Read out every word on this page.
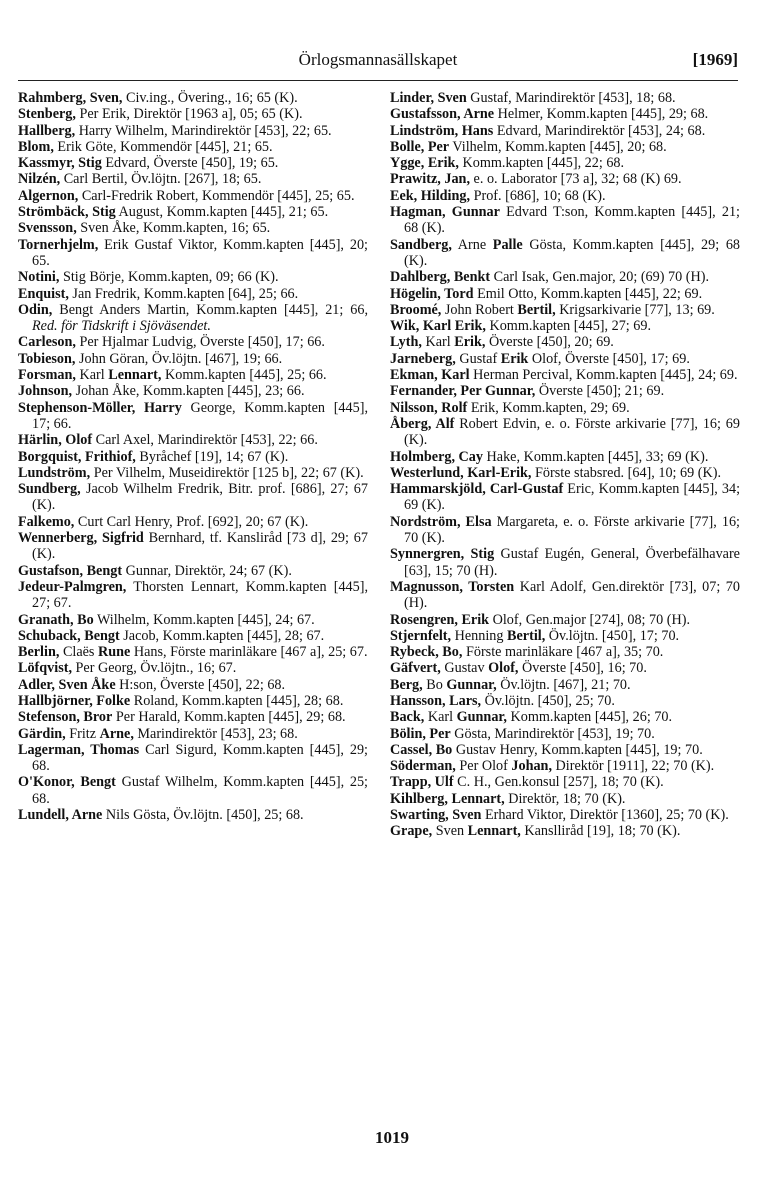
Örlogsmannasällskapet	[1969]

Rahmberg, Sven, Civ.ing., Övering., 16; 65 (K).

Stenberg, Per Erik, Direktör [1963 a], 05; 65 (K).

Hallberg, Harry Wilhelm, Marindirektör [453], 22; 65.

Blom, Erik Göte, Kommendör [445], 21; 65.

Kassmyr, Stig Edvard, Överste [450], 19; 65.

Nilzén, Carl Bertil, Öv.löjtn. [267], 18; 65.

Algernon, Carl-Fredrik Robert, Kommendör [445], 25; 65.

Strömbäck, Stig August, Komm.kapten [445], 21; 65.

Svensson, Sven Åke, Komm.kapten, 16; 65.

Tornerhjelm, Erik Gustaf Viktor, Komm.kapten [445], 20; 65.

Notini, Stig Börje, Komm.kapten, 09; 66 (K).

Enquist, Jan Fredrik, Komm.kapten [64], 25; 66.

Odin, Bengt Anders Martin, Komm.kapten [445], 21; 66, Red. för Tidskrift i Sjöväsendet.

Carleson, Per Hjalmar Ludvig, Överste [450], 17; 66.

Tobieson, John Göran, Öv.löjtn. [467], 19; 66.

Forsman, Karl Lennart, Komm.kapten [445], 25; 66.

Johnson, Johan Åke, Komm.kapten [445], 23; 66.

Stephenson-Möller, Harry George, Komm.kapten [445], 17; 66.

Härlin, Olof Carl Axel, Marindirektör [453], 22; 66.

Borgquist, Frithiof, Byråchef [19], 14; 67 (K).

Lundström, Per Vilhelm, Museidirektör [125 b], 22; 67 (K).

Sundberg, Jacob Wilhelm Fredrik, Bitr. prof. [686], 27; 67 (K).

Falkemo, Curt Carl Henry, Prof. [692], 20; 67 (K).

Wennerberg, Sigfrid Bernhard, tf. Kansliråd [73 d], 29; 67 (K).

Gustafson, Bengt Gunnar, Direktör, 24; 67 (K).

Jedeur-Palmgren, Thorsten Lennart, Komm.kapten [445], 27; 67.

Granath, Bo Wilhelm, Komm.kapten [445], 24; 67.

Schuback, Bengt Jacob, Komm.kapten [445], 28; 67.

Berlin, Claës Rune Hans, Förste marinläkare [467 a], 25; 67.

Löfqvist, Per Georg, Öv.löjtn., 16; 67.

Adler, Sven Åke H:son, Överste [450], 22; 68.

Hallbjörner, Folke Roland, Komm.kapten [445], 28; 68.

Stefenson, Bror Per Harald, Komm.kapten [445], 29; 68.

Gärdin, Fritz Arne, Marindirektör [453], 23; 68.

Lagerman, Thomas Carl Sigurd, Komm.kapten [445], 29; 68.

O'Konor, Bengt Gustaf Wilhelm, Komm.kapten [445], 25; 68.

Lundell, Arne Nils Gösta, Öv.löjtn. [450], 25; 68.

Linder, Sven Gustaf, Marindirektör [453], 18; 68.

Gustafsson, Arne Helmer, Komm.kapten [445], 29; 68.

Lindström, Hans Edvard, Marindirektör [453], 24; 68.

Bolle, Per Vilhelm, Komm.kapten [445], 20; 68.

Ygge, Erik, Komm.kapten [445], 22; 68.

Prawitz, Jan, e. o. Laborator [73 a], 32; 68 (K) 69.

Eek, Hilding, Prof. [686], 10; 68 (K).

Hagman, Gunnar Edvard T:son, Komm.kapten [445], 21; 68 (K).

Sandberg, Arne Palle Gösta, Komm.kapten [445], 29; 68 (K).

Dahlberg, Benkt Carl Isak, Gen.major, 20; (69) 70 (H).

Högelin, Tord Emil Otto, Komm.kapten [445], 22; 69.

Broomé, John Robert Bertil, Krigsarkivarie [77], 13; 69.

Wik, Karl Erik, Komm.kapten [445], 27; 69.

Lyth, Karl Erik, Överste [450], 20; 69.

Jarneberg, Gustaf Erik Olof, Överste [450], 17; 69.

Ekman, Karl Herman Percival, Komm.kapten [445], 24; 69.

Fernander, Per Gunnar, Överste [450]; 21; 69.

Nilsson, Rolf Erik, Komm.kapten, 29; 69.

Åberg, Alf Robert Edvin, e. o. Förste arkivarie [77], 16; 69 (K).

Holmberg, Cay Hake, Komm.kapten [445], 33; 69 (K).

Westerlund, Karl-Erik, Förste stabsred. [64], 10; 69 (K).

Hammarskjöld, Carl-Gustaf Eric, Komm.kapten [445], 34; 69 (K).

Nordström, Elsa Margareta, e. o. Förste arkivarie [77], 16; 70 (K).

Synnergren, Stig Gustaf Eugén, General, Överbefälhavare [63], 15; 70 (H).

Magnusson, Torsten Karl Adolf, Gen.direktör [73], 07; 70 (H).

Rosengren, Erik Olof, Gen.major [274], 08; 70 (H).

Stjernfelt, Henning Bertil, Öv.löjtn. [450], 17; 70.

Rybeck, Bo, Förste marinläkare [467 a], 35; 70.

Gäfvert, Gustav Olof, Överste [450], 16; 70.

Berg, Bo Gunnar, Öv.löjtn. [467], 21; 70.

Hansson, Lars, Öv.löjtn. [450], 25; 70.

Back, Karl Gunnar, Komm.kapten [445], 26; 70.

Bölin, Per Gösta, Marindirektör [453], 19; 70.

Cassel, Bo Gustav Henry, Komm.kapten [445], 19; 70.

Söderman, Per Olof Johan, Direktör [1911], 22; 70 (K).

Trapp, Ulf C. H., Gen.konsul [257], 18; 70 (K).

Kihlberg, Lennart, Direktör, 18; 70 (K).

Swarting, Sven Erhard Viktor, Direktör [1360], 25; 70 (K).

Grape, Sven Lennart, Kanslliråd [19], 18; 70 (K).

1019
